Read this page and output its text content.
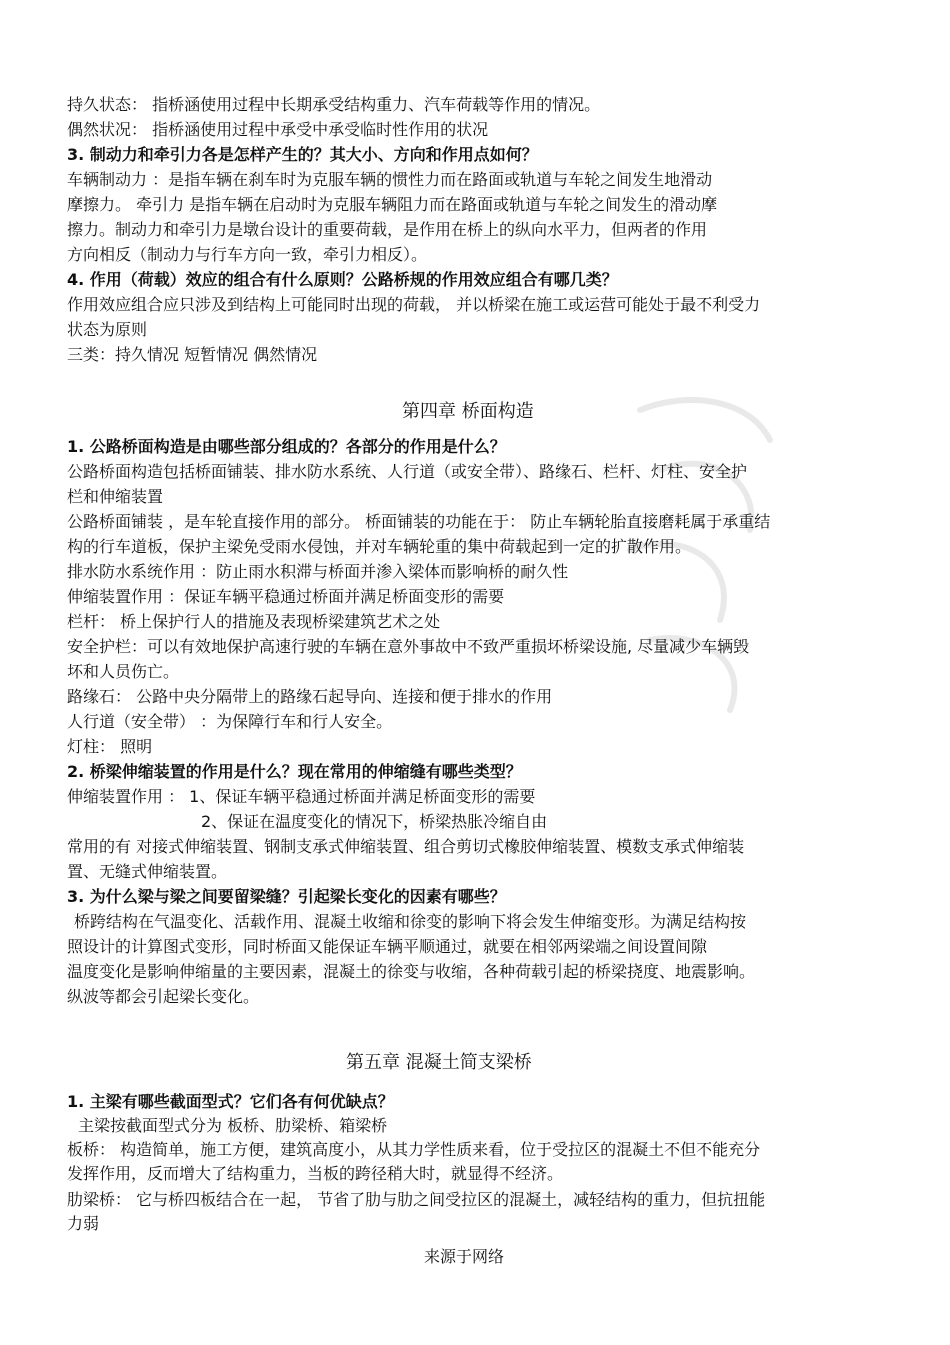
持久状态： 指桥涵使用过程中长期承受结构重力、汽车荷载等作用的情况。
偶然状况： 指桥涵使用过程中承受中承受临时性作用的状况
3. 制动力和牵引力各是怎样产生的？其大小、方向和作用点如何？
车辆制动力 ：是指车辆在刹车时为克服车辆的惯性力而在路面或轨道与车轮之间发生地滑动
摩擦力。 牵引力 是指车辆在启动时为克服车辆阻力而在路面或轨道与车轮之间发生的滑动摩
擦力。制动力和牵引力是墩台设计的重要荷载，是作用在桥上的纵向水平力，但两者的作用
方向相反（制动力与行车方向一致，牵引力相反）。
4. 作用（荷载）效应的组合有什么原则？公路桥规的作用效应组合有哪几类？
作用效应组合应只涉及到结构上可能同时出现的荷载， 并以桥梁在施工或运营可能处于最不利受力
状态为原则
三类：持久情况 短暂情况 偶然情况
第四章 桥面构造
1. 公路桥面构造是由哪些部分组成的？各部分的作用是什么？
公路桥面构造包括桥面铺装、排水防水系统、人行道（或安全带）、路缘石、栏杆、灯柱、安全护
栏和伸缩装置
公路桥面铺装 ，是车轮直接作用的部分。 桥面铺装的功能在于： 防止车辆轮胎直接磨耗属于承重结
构的行车道板，保护主梁免受雨水侵蚀，并对车辆轮重的集中荷载起到一定的扩散作用。
排水防水系统作用 ：防止雨水积滞与桥面并渗入梁体而影响桥的耐久性
伸缩装置作用 ：保证车辆平稳通过桥面并满足桥面变形的需要
栏杆： 桥上保护行人的措施及表现桥梁建筑艺术之处
安全护栏：可以有效地保护高速行驶的车辆在意外事故中不致严重损坏桥梁设施, 尽量减少车辆毁
坏和人员伤亡。
路缘石： 公路中央分隔带上的路缘石起导向、连接和便于排水的作用
人行道（安全带） ：为保障行车和行人安全。
灯柱： 照明
2. 桥梁伸缩装置的作用是什么？现在常用的伸缩缝有哪些类型？
伸缩装置作用 ： 1、保证车辆平稳通过桥面并满足桥面变形的需要
2、保证在温度变化的情况下，桥梁热胀冷缩自由
常用的有 对接式伸缩装置、钢制支承式伸缩装置、组合剪切式橡胶伸缩装置、模数支承式伸缩装
置、无缝式伸缩装置。
3. 为什么梁与梁之间要留梁缝？引起梁长变化的因素有哪些？
桥跨结构在气温变化、活载作用、混凝土收缩和徐变的影响下将会发生伸缩变形。为满足结构按
照设计的计算图式变形，同时桥面又能保证车辆平顺通过，就要在相邻两梁端之间设置间隙
温度变化是影响伸缩量的主要因素，混凝土的徐变与收缩，各种荷载引起的桥梁挠度、地震影响。
纵波等都会引起梁长变化。
第五章 混凝土简支梁桥
1. 主梁有哪些截面型式？它们各有何优缺点？
主梁按截面型式分为 板桥、肋梁桥、箱梁桥
板桥： 构造简单，施工方便，建筑高度小，从其力学性质来看，位于受拉区的混凝土不但不能充分
发挥作用，反而增大了结构重力，当板的跨径稍大时，就显得不经济。
肋梁桥： 它与桥四板结合在一起， 节省了肋与肋之间受拉区的混凝土，减轻结构的重力，但抗扭能
力弱
来源于网络
